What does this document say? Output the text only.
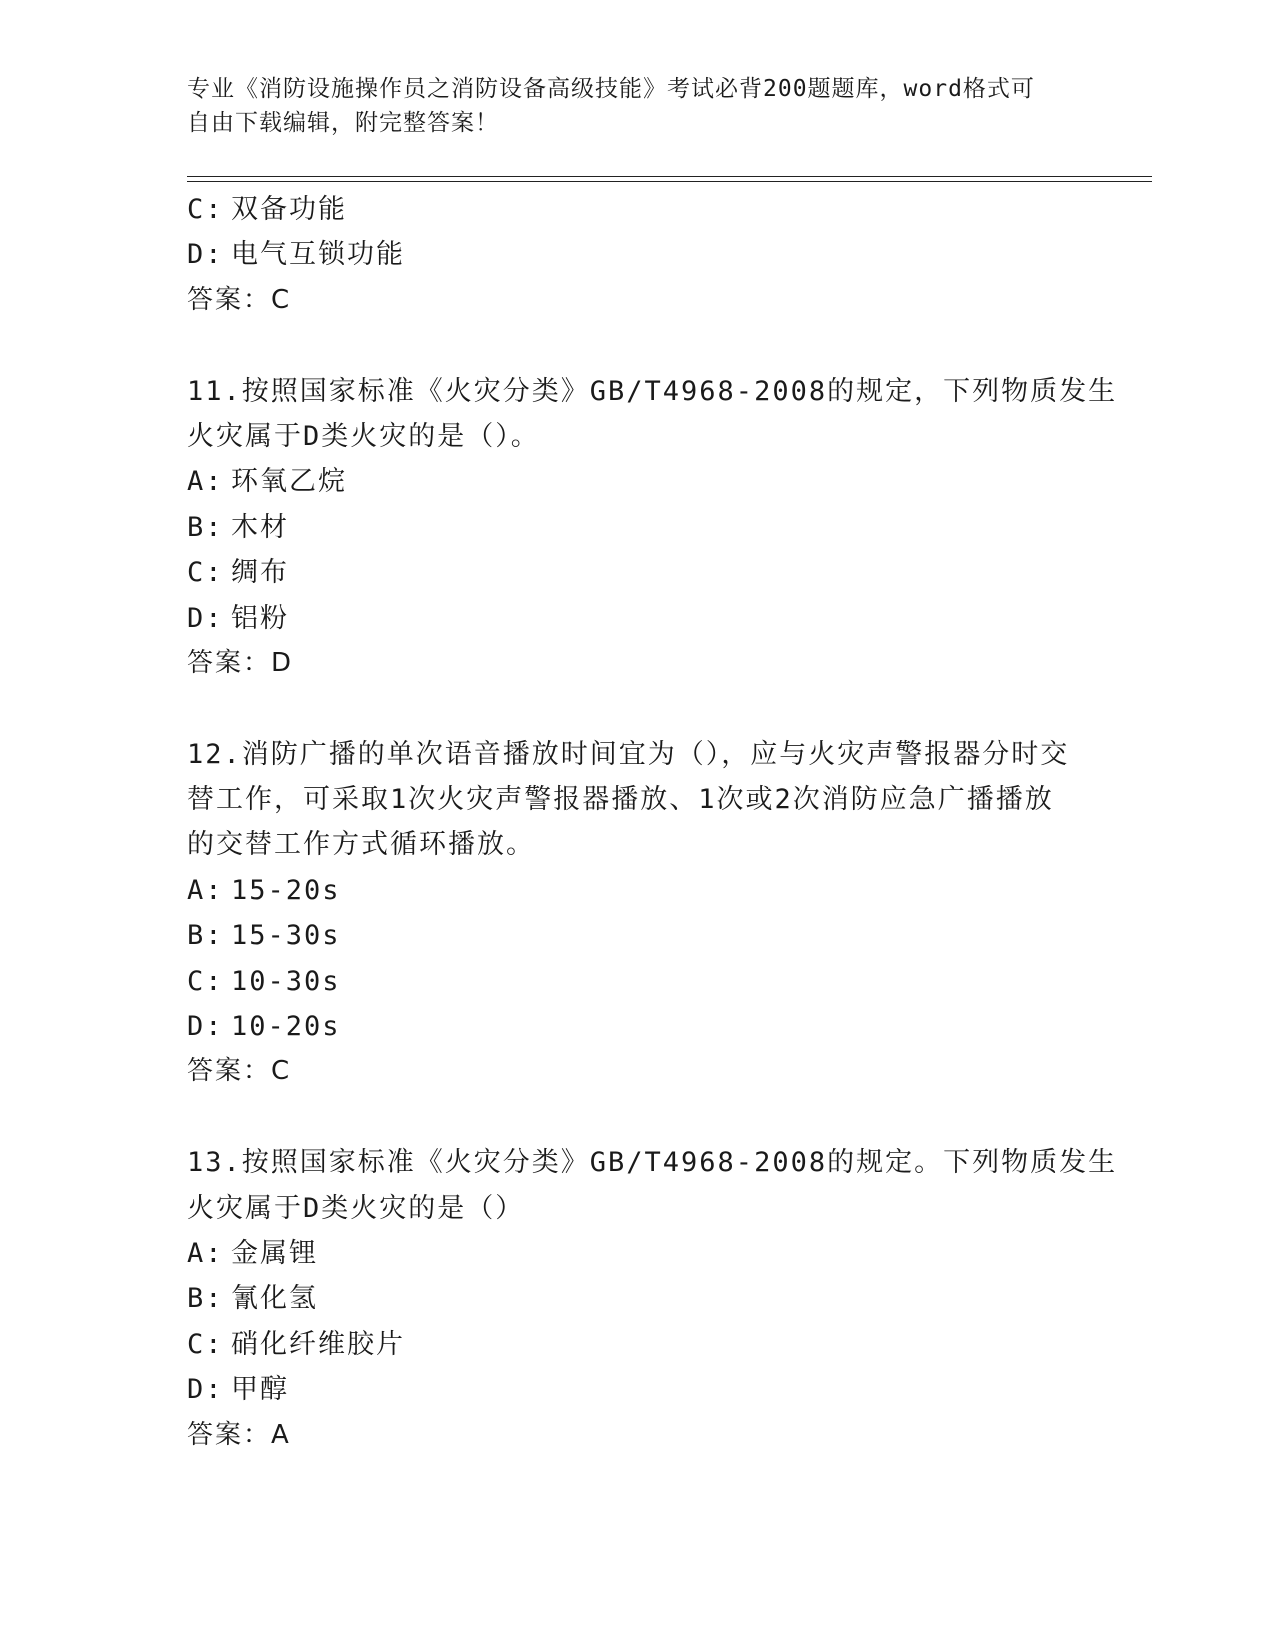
专业《消防设施操作员之消防设备高级技能》考试必背200题题库，word格式可
自由下载编辑，附完整答案！
C: 双备功能
D: 电气互锁功能
答案：C
11.按照国家标准《火灾分类》GB/T4968-2008的规定，下列物质发生
火灾属于D类火灾的是（）。
A: 环氧乙烷
B: 木材
C: 绸布
D: 铝粉
答案：D
12.消防广播的单次语音播放时间宜为（），应与火灾声警报器分时交
替工作，可采取1次火灾声警报器播放、1次或2次消防应急广播播放
的交替工作方式循环播放。
A: 15-20s
B: 15-30s
C: 10-30s
D: 10-20s
答案：C
13.按照国家标准《火灾分类》GB/T4968-2008的规定。下列物质发生
火灾属于D类火灾的是（）
A: 金属锂
B: 氰化氢
C: 硝化纤维胶片
D: 甲醇
答案：A
